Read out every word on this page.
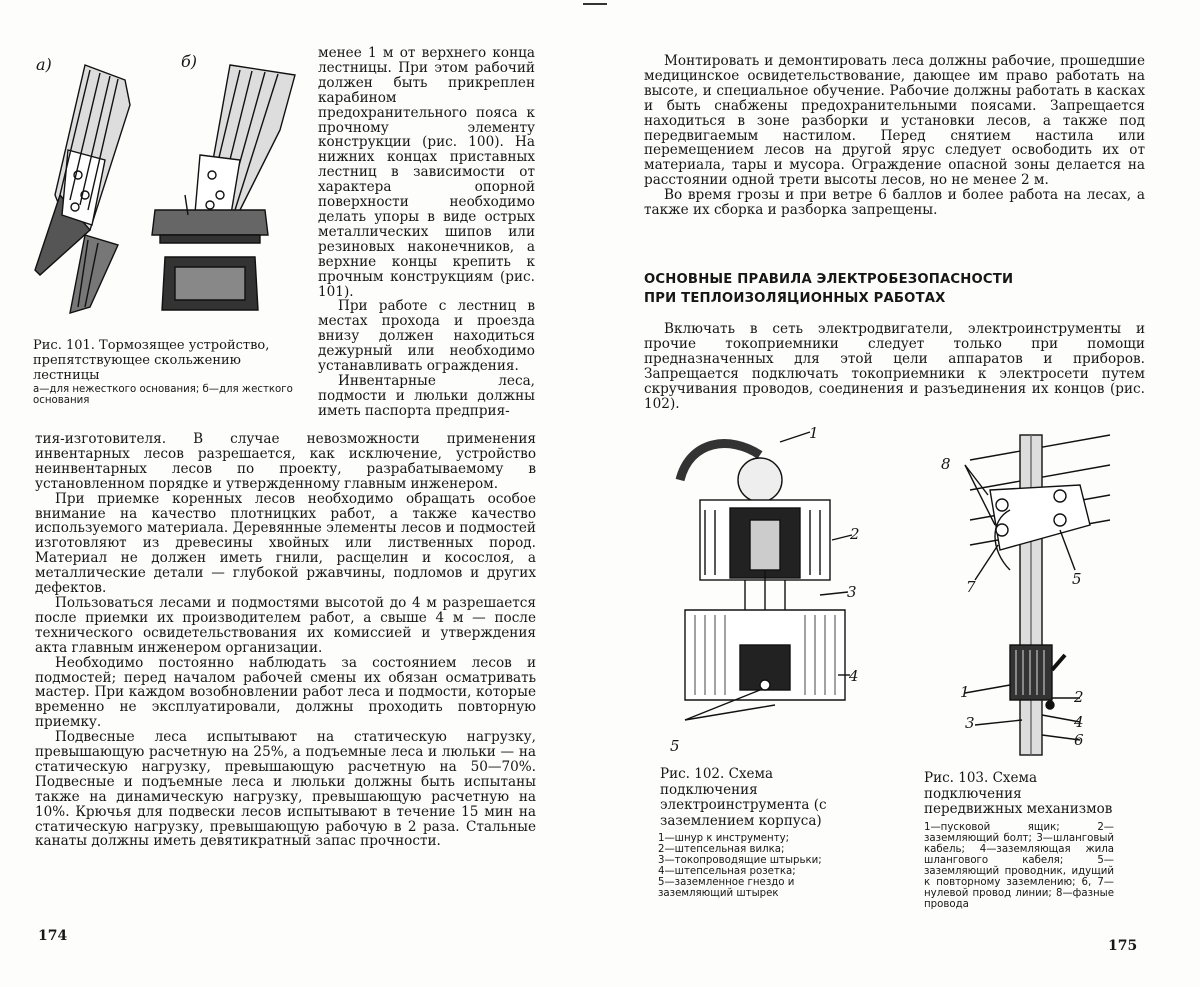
а)	б)
Рис. 101. Тормозящее устройство, препятствующее скольжению лестницы
а—для нежесткого основания; б—для жесткого основания

менее 1 м от верхнего конца лестницы. При этом рабочий должен быть прикреплен карабином предохранительного пояса к прочному элементу конструкции (рис. 100). На нижних концах приставных лестниц в зависимости от характера опорной поверхности необходимо делать упоры в виде острых металлических шипов или резиновых наконечников, а верхние концы крепить к прочным конструкциям (рис. 101).

При работе с лестниц в местах прохода и проезда внизу должен находиться дежурный или необходимо устанавливать ограждения.

Инвентарные леса, подмости и люльки должны иметь паспорта предприя-

тия-изготовителя. В случае невозможности применения инвентарных лесов разрешается, как исключение, устройство неинвентарных лесов по проекту, разрабатываемому в установленном порядке и утвержденному главным инженером.

При приемке коренных лесов необходимо обращать особое внимание на качество плотницких работ, а также качество используемого материала. Деревянные элементы лесов и подмостей изготовляют из древесины хвойных или лиственных пород. Материал не должен иметь гнили, расщелин и косослоя, а металлические детали — глубокой ржавчины, подломов и других дефектов.

Пользоваться лесами и подмостями высотой до 4 м разрешается после приемки их производителем работ, а свыше 4 м — после технического освидетельствования их комиссией и утверждения акта главным инженером организации.

Необходимо постоянно наблюдать за состоянием лесов и подмостей; перед началом рабочей смены их обязан осматривать мастер. При каждом возобновлении работ леса и подмости, которые временно не эксплуатировали, должны проходить повторную приемку.

Подвесные леса испытывают на статическую нагрузку, превышающую расчетную на 25%, а подъемные леса и люльки — на статическую нагрузку, превышающую расчетную на 50—70%. Подвесные и подъемные леса и люльки должны быть испытаны также на динамическую нагрузку, превышающую расчетную на 10%. Крючья для подвески лесов испытывают в течение 15 мин на статическую нагрузку, превышающую рабочую в 2 раза. Стальные канаты должны иметь девятикратный запас прочности.

174

Монтировать и демонтировать леса должны рабочие, прошедшие медицинское освидетельствование, дающее им право работать на высоте, и специальное обучение. Рабочие должны работать в касках и быть снабжены предохранительными поясами. Запрещается находиться в зоне разборки и установки лесов, а также под передвигаемым настилом. Перед снятием настила или перемещением лесов на другой ярус следует освободить их от материала, тары и мусора. Ограждение опасной зоны делается на расстоянии одной трети высоты лесов, но не менее 2 м.

Во время грозы и при ветре 6 баллов и более работа на лесах, а также их сборка и разборка запрещены.

ОСНОВНЫЕ ПРАВИЛА ЭЛЕКТРОБЕЗОПАСНОСТИ
ПРИ ТЕПЛОИЗОЛЯЦИОННЫХ РАБОТАХ

Включать в сеть электродвигатели, электроинструменты и прочие токоприемники следует только при помощи предназначенных для этой цели аппаратов и приборов. Запрещается подключать токоприемники к электросети путем скручивания проводов, соединения и разъединения их концов (рис. 102).

1
2
3
4
5
Рис. 102. Схема подключения электроинструмента (с заземлением корпуса)
1—шнур к инструменту;
2—штепсельная вилка;
3—токопроводящие штырьки;
4—штепсельная розетка;
5—заземленное гнездо и заземляющий штырек
8
7	5
1	2
3	4
6
Рис. 103. Схема подключения передвижных механизмов
1—пусковой ящик; 2—заземляющий болт; 3—шланговый кабель; 4—заземляющая жила шлангового кабеля; 5—заземляющий проводник, идущий к повторному заземлению; 6, 7—нулевой провод линии; 8—фазные провода
175
